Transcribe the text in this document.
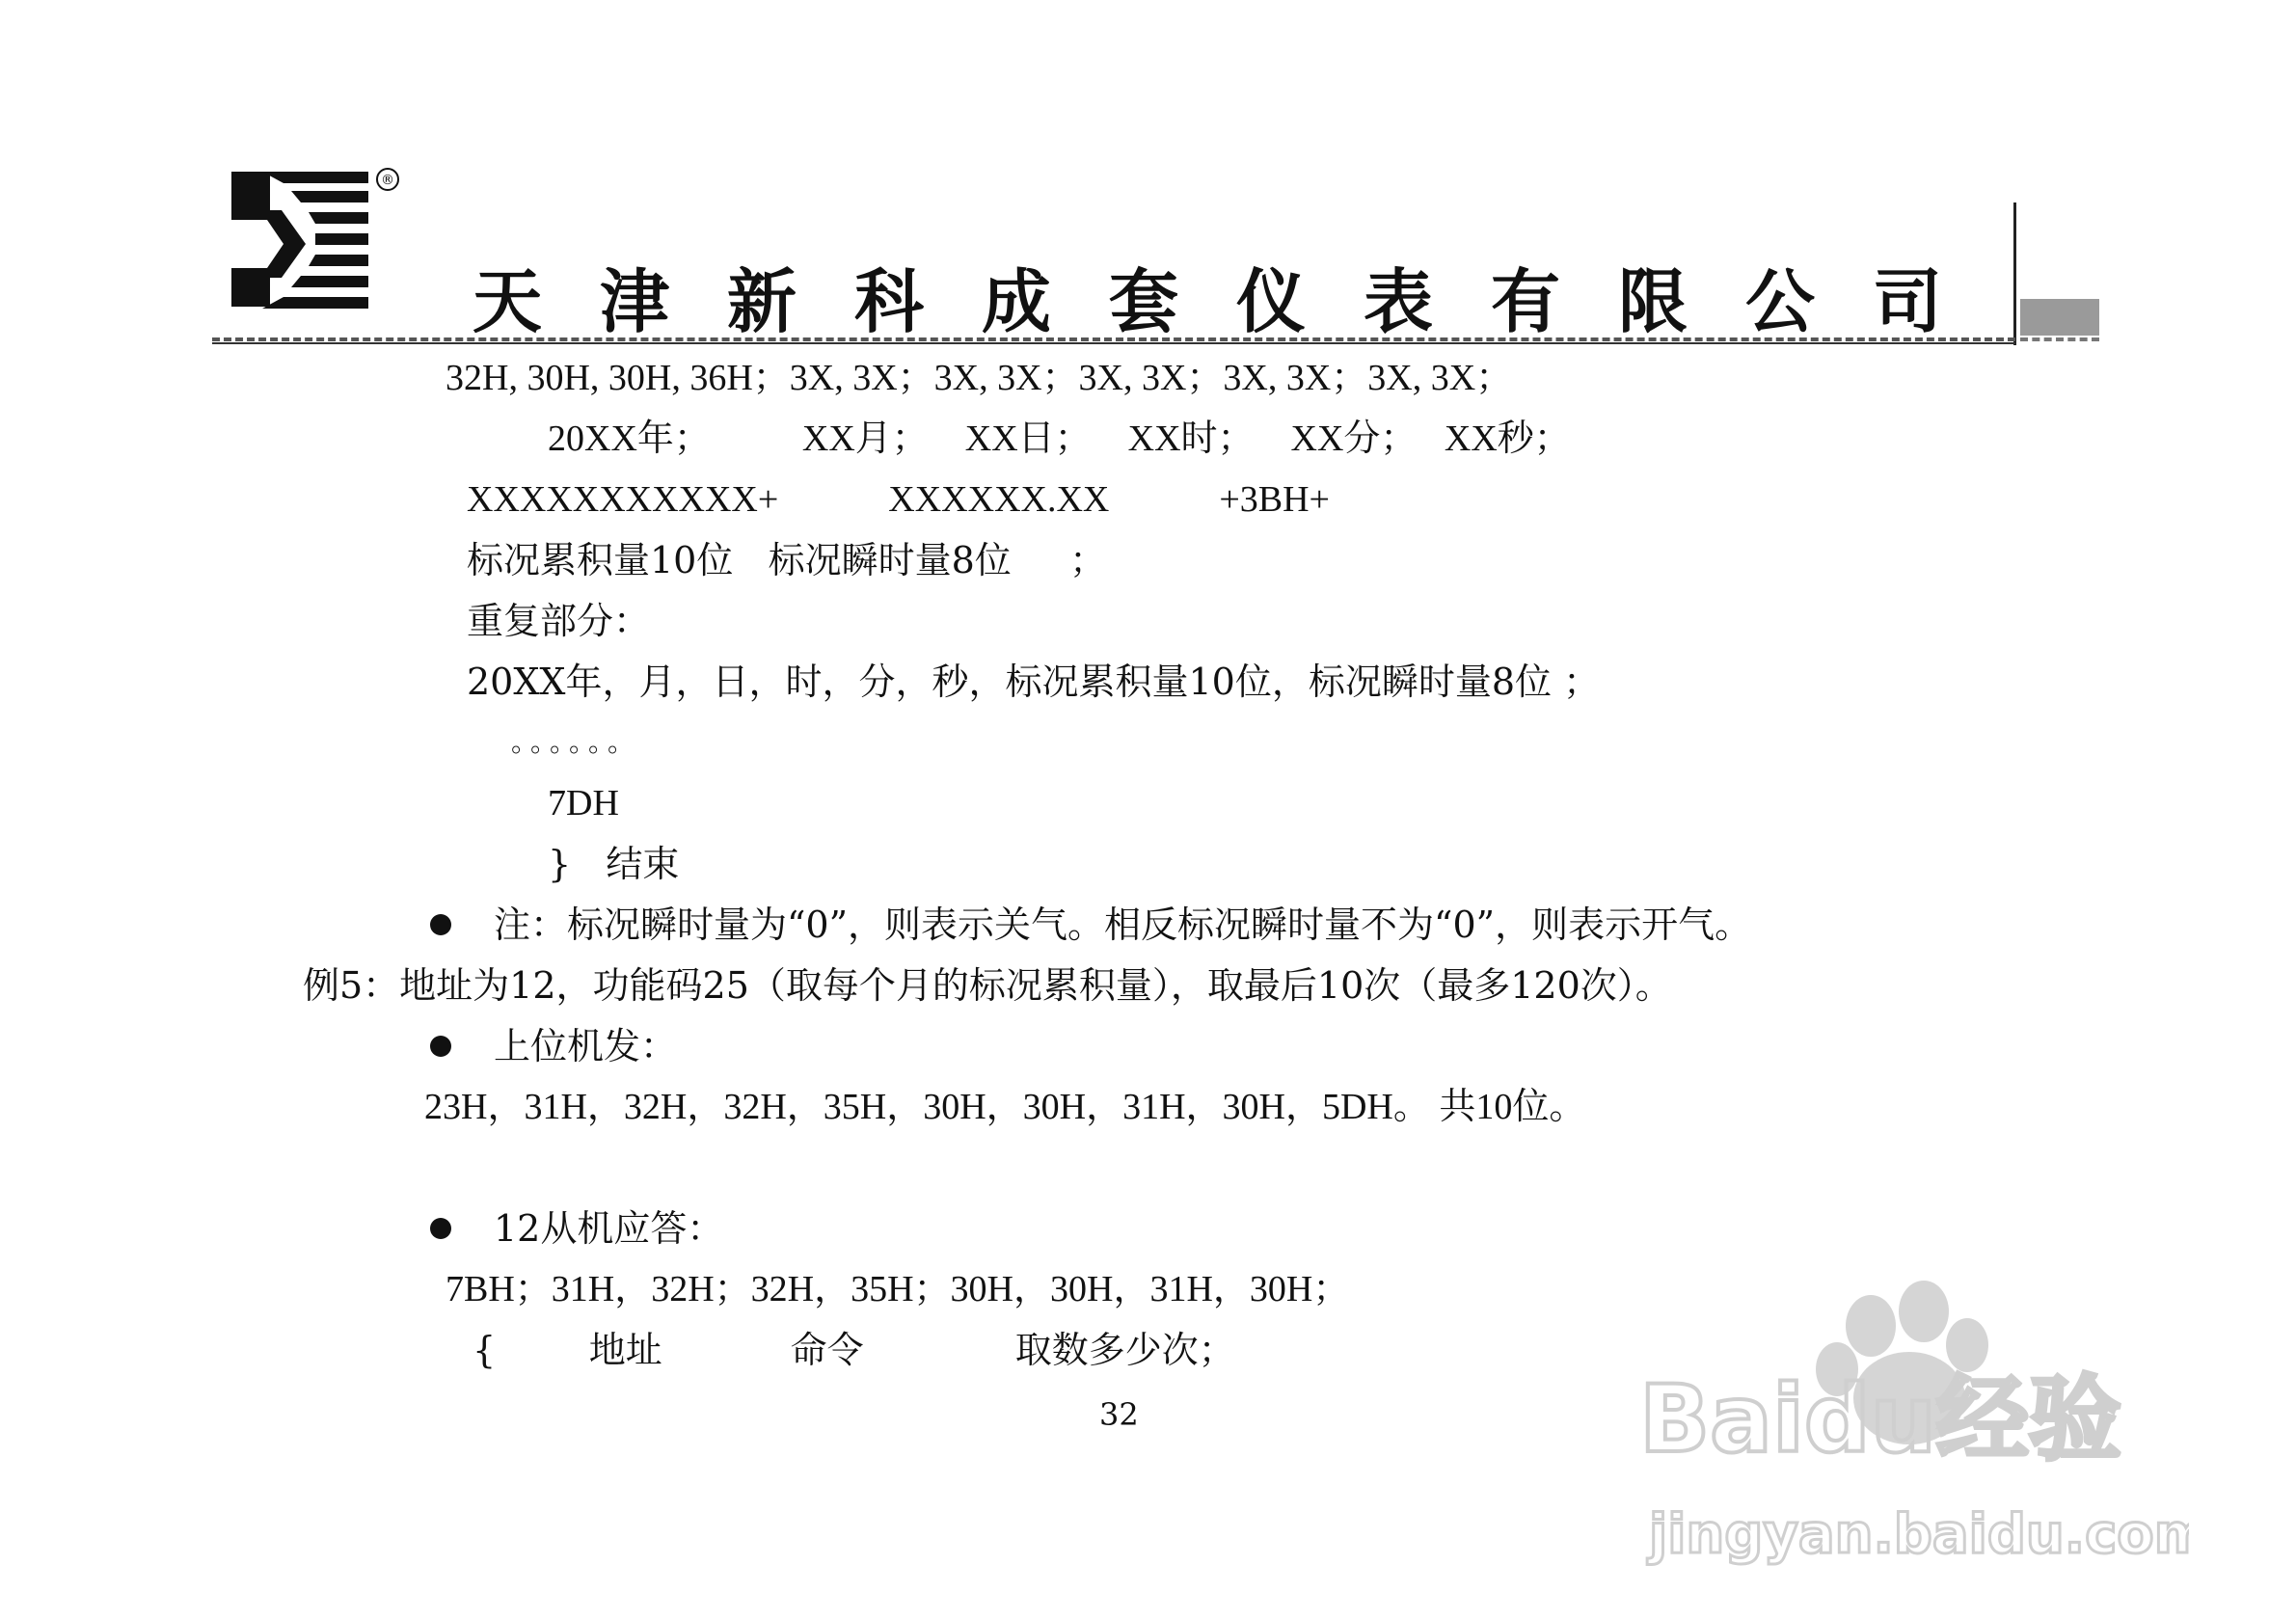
®
天津新科成套仪表有限公司
32H, 30H, 30H, 36H；3X, 3X；3X, 3X；3X, 3X；3X, 3X；3X, 3X；
20XX年；          XX月；    XX日；    XX时；    XX分；   XX秒；
XXXXXXXXXXX+            XXXXXX.XX            +3BH+
标况累积量10位   标况瞬时量8位     ；
重复部分：
20XX年，月，日，时，分，秒，标况累积量10位，标况瞬时量8位 ；
。。。。。。
7DH
}   结束
注：标况瞬时量为“0”，则表示关气。相反标况瞬时量不为“0”，则表示开气。
例5：地址为12，功能码25（取每个月的标况累积量），取最后10次（最多120次）。
上位机发：
23H，31H，32H，32H，35H，30H，30H，31H，30H，5DH。 共10位。
12从机应答：
7BH；31H，32H；32H，35H；30H，30H，31H，30H；
{        地址           命令             取数多少次；
32	Baidu经验
jingyan.baidu.com
